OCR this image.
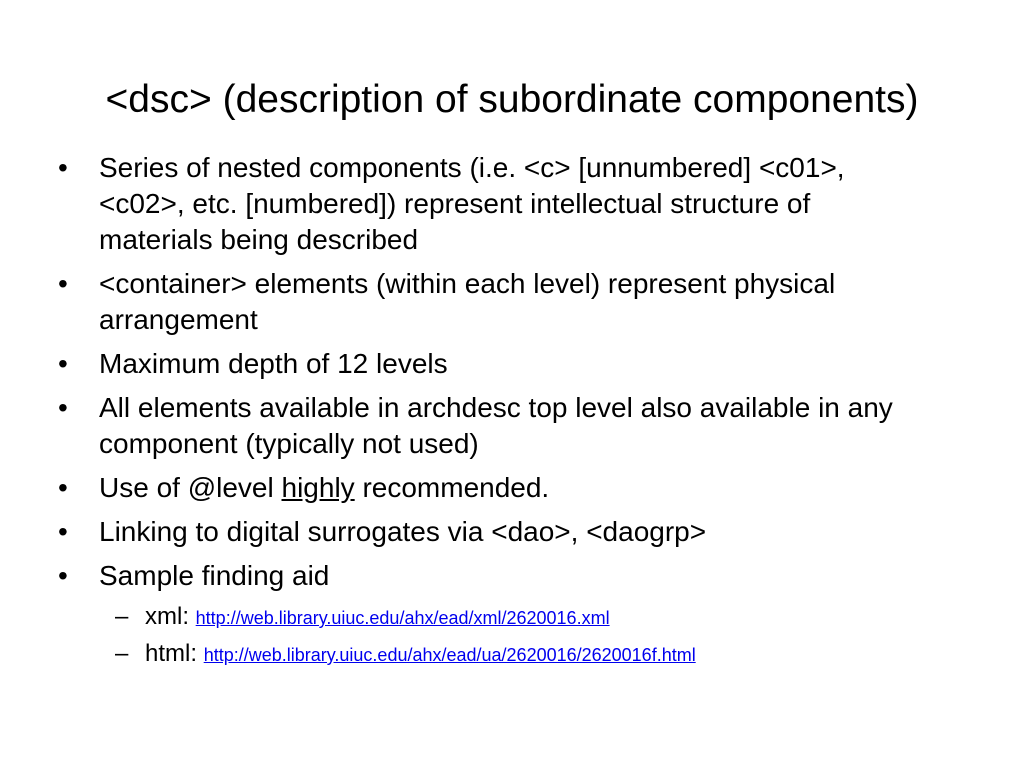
<dsc> (description of subordinate components)
• Series of nested components (i.e. <c> [unnumbered] <c01>, <c02>, etc. [numbered]) represent intellectual structure of materials being described
• <container> elements (within each level) represent physical arrangement
• Maximum depth of 12 levels
• All elements available in archdesc top level also available in any component (typically not used)
• Use of @level highly recommended.
• Linking to digital surrogates via <dao>, <daogrp>
• Sample finding aid
– xml: http://web.library.uiuc.edu/ahx/ead/xml/2620016.xml
– html: http://web.library.uiuc.edu/ahx/ead/ua/2620016/2620016f.html
